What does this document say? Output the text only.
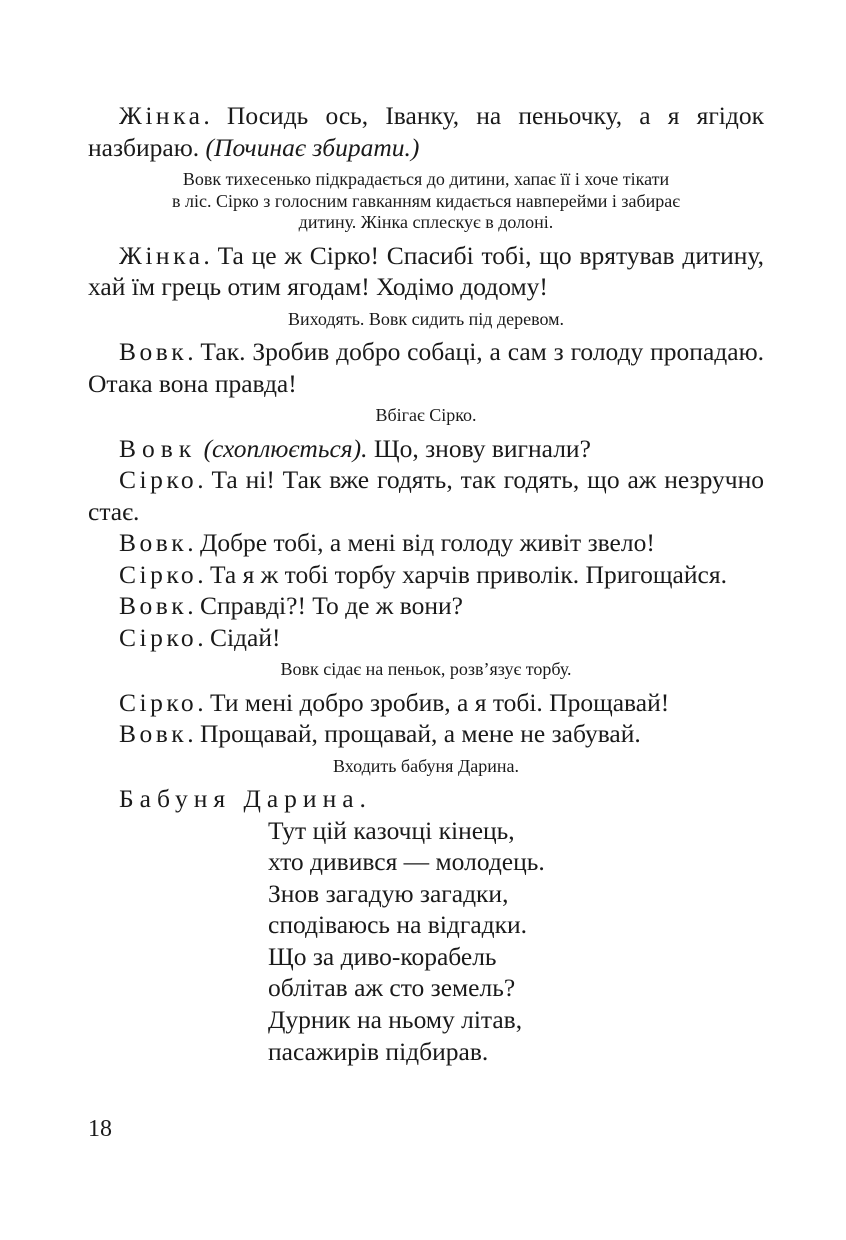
Жінка. Посидь ось, Іванку, на пеньочку, а я ягідок назбираю. (Починає збирати.)

Вовк тихесенько підкрадається до дитини, хапає її і хоче тікати
в ліс. Сірко з голосним гавканням кидається навперейми і забирає
дитину. Жінка сплескує в долоні.

Жінка. Та це ж Сірко! Спасибі тобі, що врятував дитину, хай їм грець отим ягодам! Ходімо додому!

Виходять. Вовк сидить під деревом.

Вовк. Так. Зробив добро собаці, а сам з голоду пропадаю. Отака вона правда!

Вбігає Сірко.

Вовк (схоплюється). Що, знову вигнали?

Сірко. Та ні! Так вже годять, так годять, що аж незручно стає.

Вовк. Добре тобі, а мені від голоду живіт звело!

Сірко. Та я ж тобі торбу харчів приволік. Пригощайся.

Вовк. Справді?! То де ж вони?

Сірко. Сідай!

Вовк сідає на пеньок, розв’язує торбу.

Сірко. Ти мені добро зробив, а я тобі. Прощавай!

Вовк. Прощавай, прощавай, а мене не забувай.

Входить бабуня Дарина.

Бабуня Дарина.

Тут цій казочці кінець,
хто дивився — молодець.
Знов загадую загадки,
сподіваюсь на відгадки.
Що за диво-корабель
облітав аж сто земель?
Дурник на ньому літав,
пасажирів підбирав.
18
